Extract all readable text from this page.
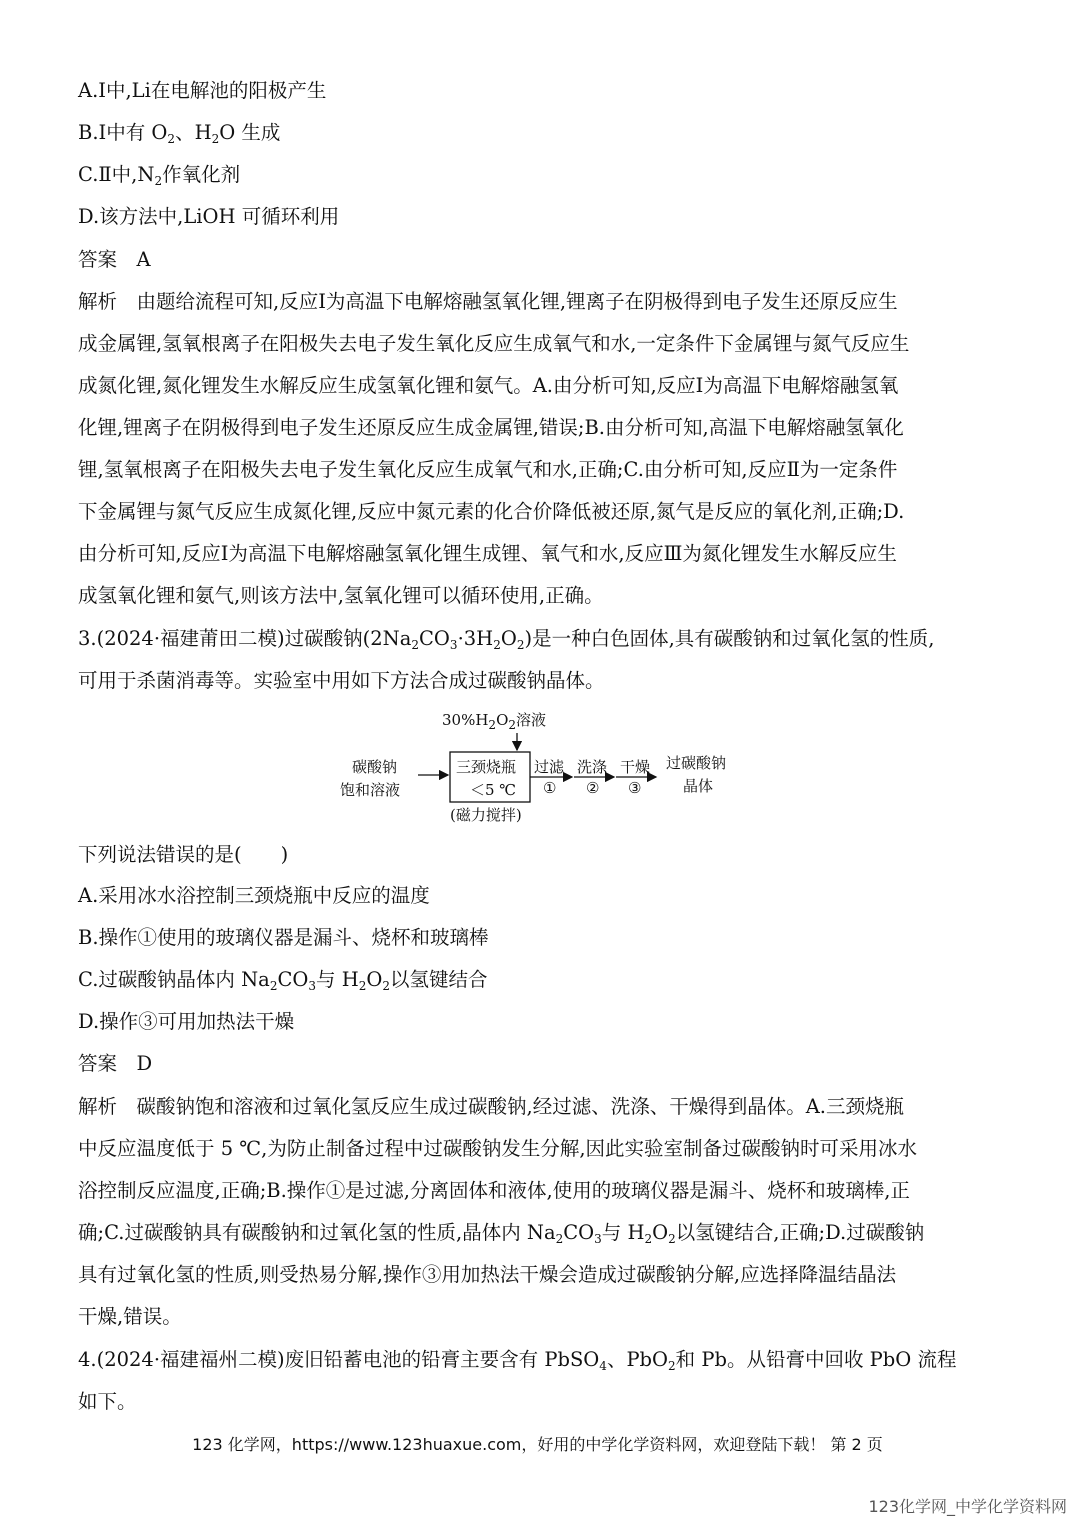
A.Ⅰ中,Li在电解池的阳极产生
B.Ⅰ中有 $O_2$、$H_2O$ 生成
C.Ⅱ中$,N_2$作氧化剂
D.该方法中,LiOH 可循环利用
答案　A
解析　由题给流程可知,反应Ⅰ为高温下电解熔融氢氧化锂,锂离子在阴极得到电子发生还原反应生
成金属锂,氢氧根离子在阳极失去电子发生氧化反应生成氧气和水,一定条件下金属锂与氮气反应生
成氮化锂,氮化锂发生水解反应生成氢氧化锂和氨气。A.由分析可知,反应Ⅰ为高温下电解熔融氢氧
化锂,锂离子在阴极得到电子发生还原反应生成金属锂,错误;B.由分析可知,高温下电解熔融氢氧化
锂,氢氧根离子在阳极失去电子发生氧化反应生成氧气和水,正确;C.由分析可知,反应Ⅱ为一定条件
下金属锂与氮气反应生成氮化锂,反应中氮元素的化合价降低被还原,氮气是反应的氧化剂,正确;D.
由分析可知,反应Ⅰ为高温下电解熔融氢氧化锂生成锂、氧气和水,反应Ⅲ为氮化锂发生水解反应生
成氢氧化锂和氨气,则该方法中,氢氧化锂可以循环使用,正确。
3.(2024·福建莆田二模)过碳酸钠$(2Na_2CO_3\cdot 3H_2O_2)$是一种白色固体,具有碳酸钠和过氧化氢的性质,
可用于杀菌消毒等。实验室中用如下方法合成过碳酸钠晶体。
$30\%H_2O_2$溶液
碳酸钠
饱和溶液
三颈烧瓶
＜5 ℃
(磁力搅拌)
过滤
①
洗涤
②
干燥
③
过碳酸钠
晶体
下列说法错误的是(　　)
A.采用冰水浴控制三颈烧瓶中反应的温度
B.操作①使用的玻璃仪器是漏斗、烧杯和玻璃棒
C.过碳酸钠晶体内 $Na_2CO_3$与 $H_2O_2$以氢键结合
D.操作③可用加热法干燥
答案　D
解析　碳酸钠饱和溶液和过氧化氢反应生成过碳酸钠,经过滤、洗涤、干燥得到晶体。A.三颈烧瓶
中反应温度低于 5 ℃,为防止制备过程中过碳酸钠发生分解,因此实验室制备过碳酸钠时可采用冰水
浴控制反应温度,正确;B.操作①是过滤,分离固体和液体,使用的玻璃仪器是漏斗、烧杯和玻璃棒,正
确;C.过碳酸钠具有碳酸钠和过氧化氢的性质,晶体内 $Na_2CO_3$与 $H_2O_2$以氢键结合,正确;D.过碳酸钠
具有过氧化氢的性质,则受热易分解,操作③用加热法干燥会造成过碳酸钠分解,应选择降温结晶法
干燥,错误。
4.(2024·福建福州二模)废旧铅蓄电池的铅膏主要含有 PbSO$_4$、PbO$_2$和 Pb。从铅膏中回收 PbO 流程
如下。
123 化学网，https://www.123huaxue.com，好用的中学化学资料网，欢迎登陆下载！ 第 2 页
123化学网_中学化学资料网
